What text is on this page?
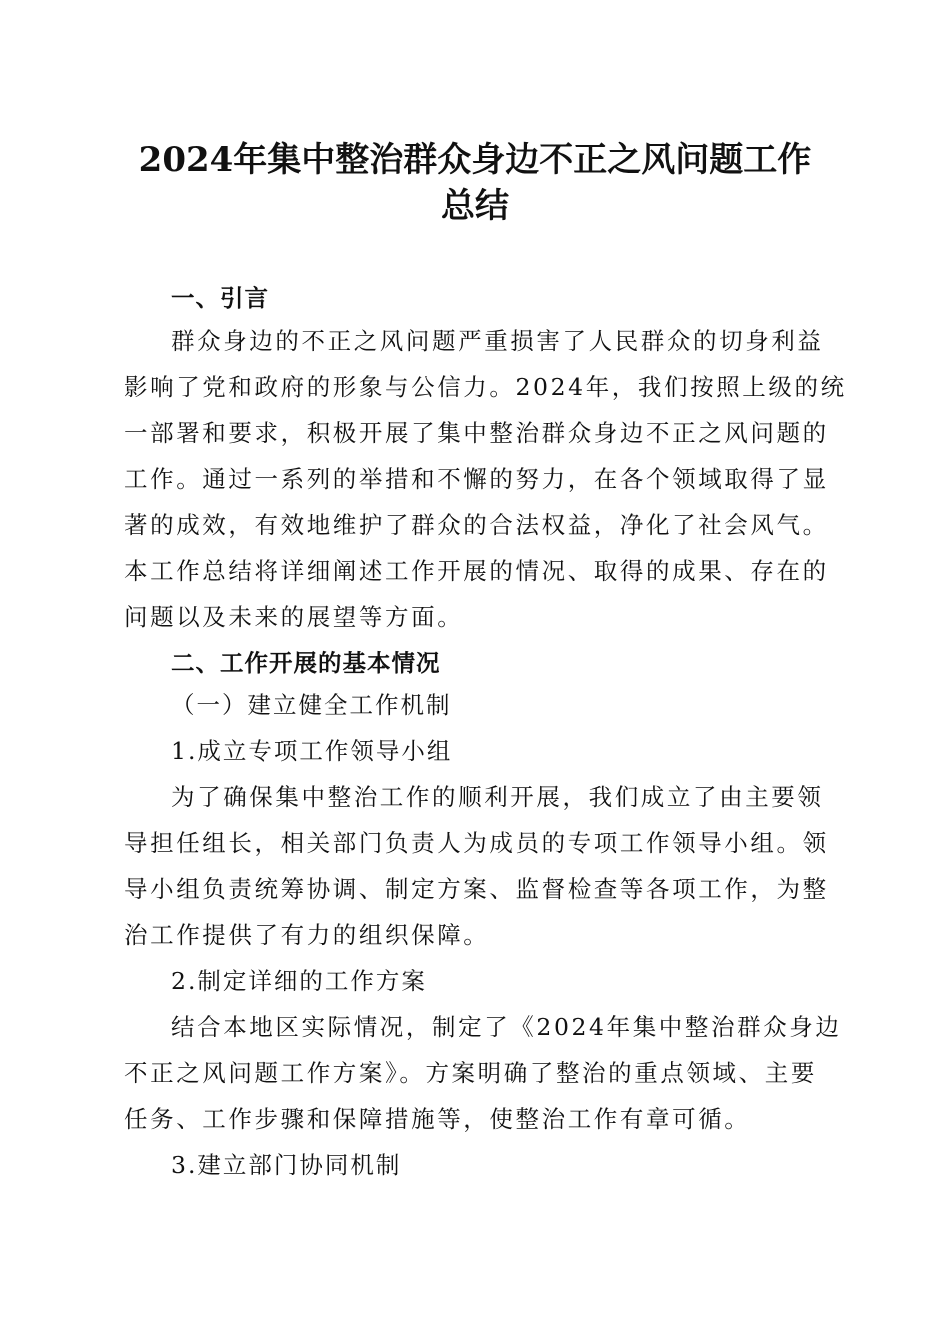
2024年集中整治群众身边不正之风问题工作
总结
一、引言
群众身边的不正之风问题严重损害了人民群众的切身利益
影响了党和政府的形象与公信力。2024年，我们按照上级的统
一部署和要求，积极开展了集中整治群众身边不正之风问题的
工作。通过一系列的举措和不懈的努力，在各个领域取得了显
著的成效，有效地维护了群众的合法权益，净化了社会风气。
本工作总结将详细阐述工作开展的情况、取得的成果、存在的
问题以及未来的展望等方面。
二、工作开展的基本情况
（一）建立健全工作机制
1.成立专项工作领导小组
为了确保集中整治工作的顺利开展，我们成立了由主要领
导担任组长，相关部门负责人为成员的专项工作领导小组。领
导小组负责统筹协调、制定方案、监督检查等各项工作，为整
治工作提供了有力的组织保障。
2.制定详细的工作方案
结合本地区实际情况，制定了《2024年集中整治群众身边
不正之风问题工作方案》。方案明确了整治的重点领域、主要
任务、工作步骤和保障措施等，使整治工作有章可循。
3.建立部门协同机制
